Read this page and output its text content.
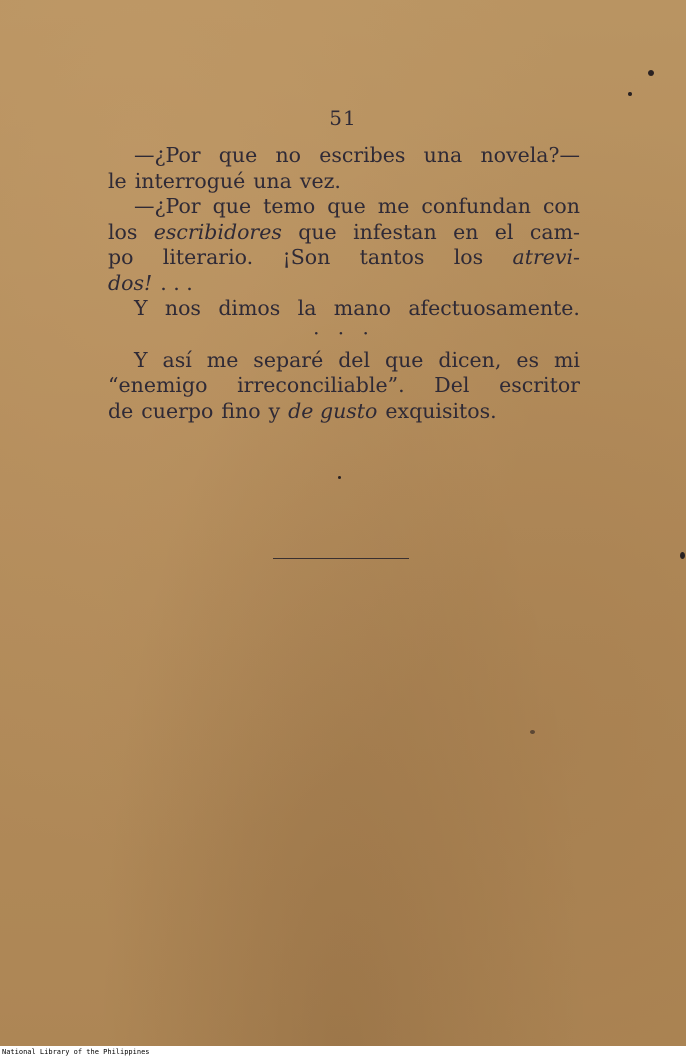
51
—¿Por que no escribes una novela?—
le interrogué una vez.
—¿Por que temo que me confundan con
los escribidores que infestan en el cam-
po literario. ¡Son tantos los atrevi-
dos! . . .
Y nos dimos la mano afectuosamente.
· · ·
Y así me separé del que dicen, es mi
“enemigo irreconciliable”. Del escritor
de cuerpo fino y de gusto exquisitos.
National Library of the Philippines
